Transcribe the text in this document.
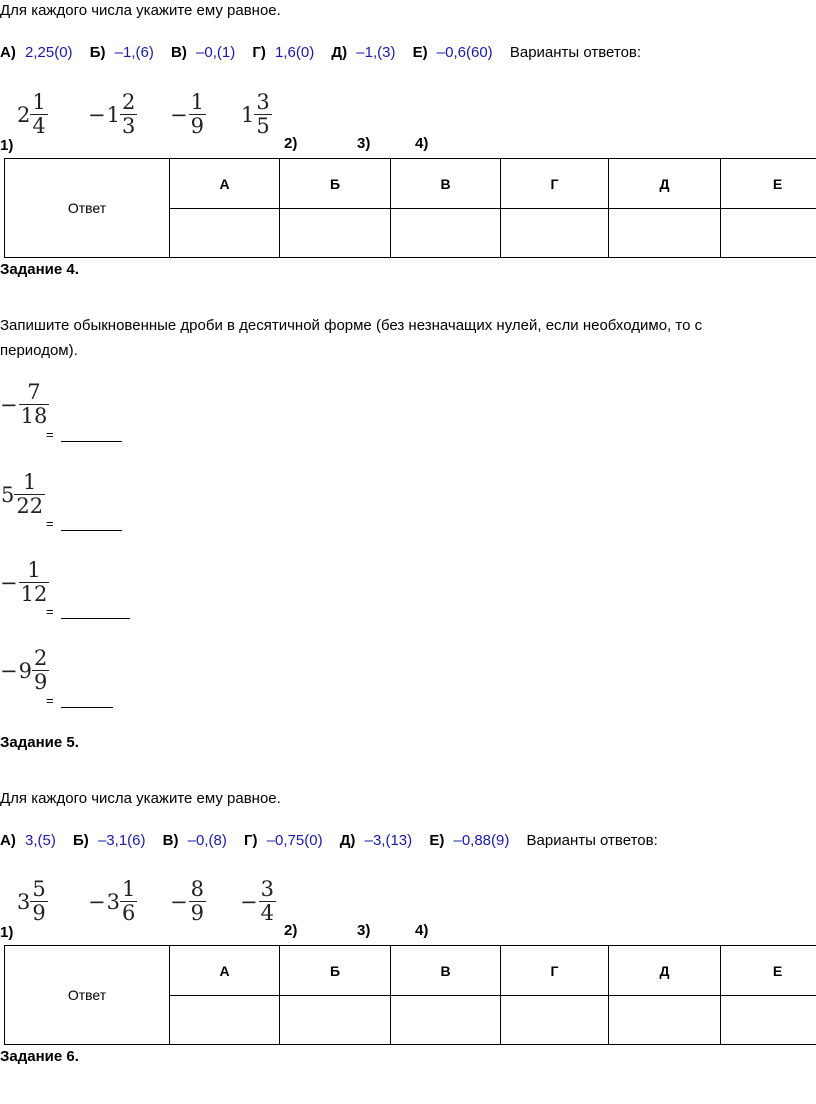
Для каждого числа укажите ему равное.
А) 2,25(0) Б) –1,(6) В) –0,(1) Г) 1,6(0) Д) –1,(3) Е) –0,6(60) Варианты ответов:
$2 \frac{1}{4} - 1 \frac{2}{3} - \frac{1}{9} 1 \frac{3}{5}$
1)	2)	3)	4)
Ответ	А	Б	В	Г	Д	Е

Задание 4.
Запишите обыкновенные дроби в десятичной форме (без незначащих нулей, если необходимо, то с
периодом).
− $\frac{7}{18}$
=
$5 \frac{1}{22}$
=
− $\frac{1}{12}$
=
− $9 \frac{2}{9}$
=
Задание 5.
Для каждого числа укажите ему равное.
А) 3,(5) Б) –3,1(6) В) –0,(8) Г) –0,75(0) Д) –3,(13) Е) –0,88(9) Варианты ответов:
$3 \frac{5}{9} - 3 \frac{1}{6} - \frac{8}{9} - \frac{3}{4}$
1)	2)	3)	4)
Ответ	А	Б	В	Г	Д	Е

Задание 6.
